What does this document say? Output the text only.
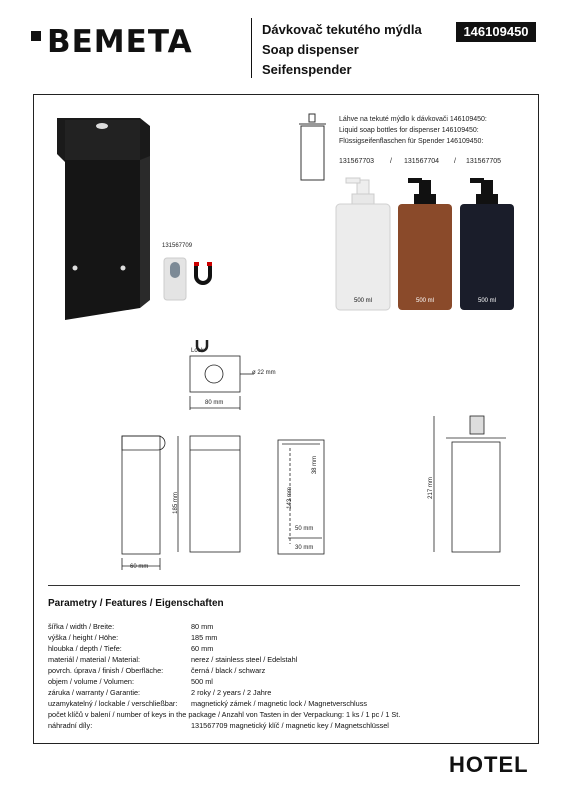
BEMETA	Dávkovač tekutého mýdla
Soap dispenser
Seifenspender
146109450
131567709
Láhve na tekuté mýdlo k dávkovači 146109450:
Liquid soap bottles for dispenser 146109450:
Flüssigseifenflaschen für Spender 146109450:
131567703 / 131567704 / 131567705
500 ml	500 ml	500 ml
Lock
ø 22 mm
80 mm
185 mm
60 mm
143 mm
38 mm
50 mm
30 mm
217 mm
Parametry / Features / Eigenschaften
šířka / width / Breite:	80 mm
výška / height / Höhe:	185 mm
hloubka / depth / Tiefe:	60 mm
materiál / material / Material:	nerez / stainless steel / Edelstahl
povrch. úprava / finish / Oberfläche:	černá / black / schwarz
objem / volume / Volumen:	500 ml
záruka / warranty / Garantie:	2 roky / 2 years / 2 Jahre
uzamykatelný / lockable / verschließbar: magnetický zámek / magnetic lock / Magnetverschluss
počet klíčů v balení / number of keys in the package / Anzahl von Tasten in der Verpackung: 1 ks / 1 pc / 1 St.
náhradní díly:	131567709 magnetický klíč / magnetic key / Magnetschlüssel
HOTEL
